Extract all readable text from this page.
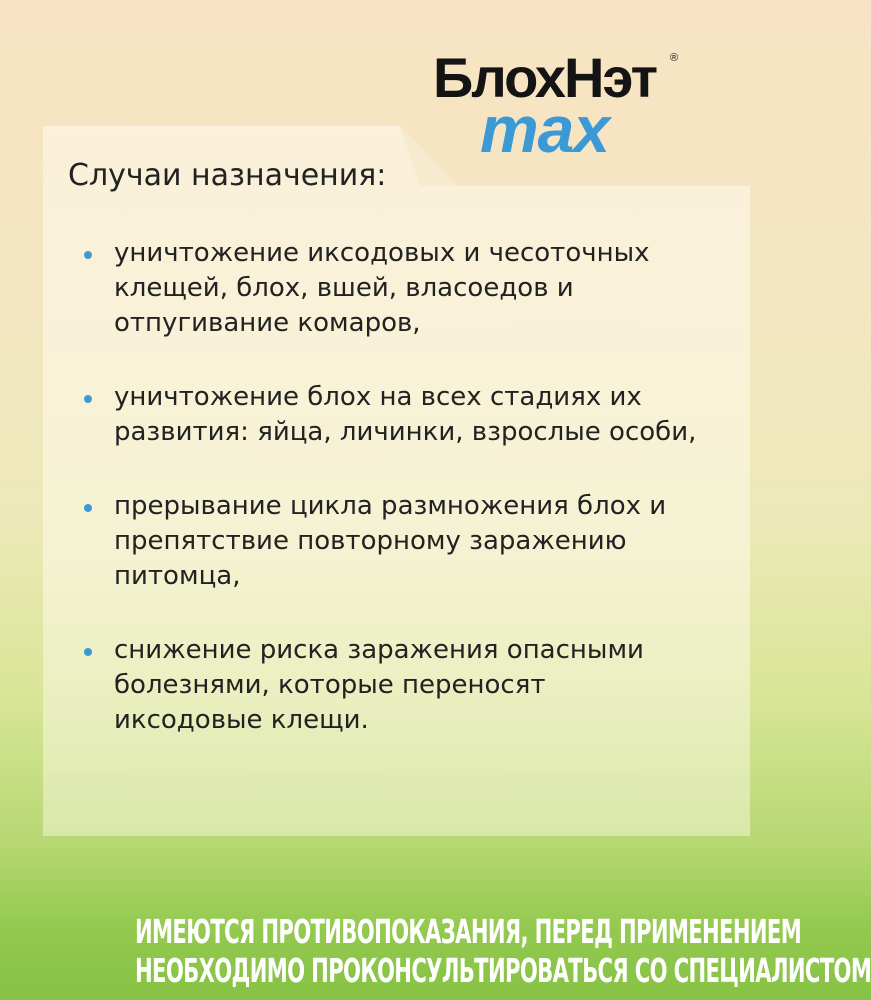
БлохНэт ®
max
Случаи назначения:
уничтожение иксодовых и чесоточных клещей, блох, вшей, власоедов и отпугивание комаров,
уничтожение блох на всех стадиях их развития: яйца, личинки, взрослые особи,
прерывание цикла размножения блох и препятствие повторному заражению питомца,
снижение риска заражения опасными болезнями, которые переносят иксодовые клещи.
ИМЕЮТСЯ ПРОТИВОПОКАЗАНИЯ, ПЕРЕД ПРИМЕНЕНИЕМ
НЕОБХОДИМО ПРОКОНСУЛЬТИРОВАТЬСЯ СО СПЕЦИАЛИСТОМ
